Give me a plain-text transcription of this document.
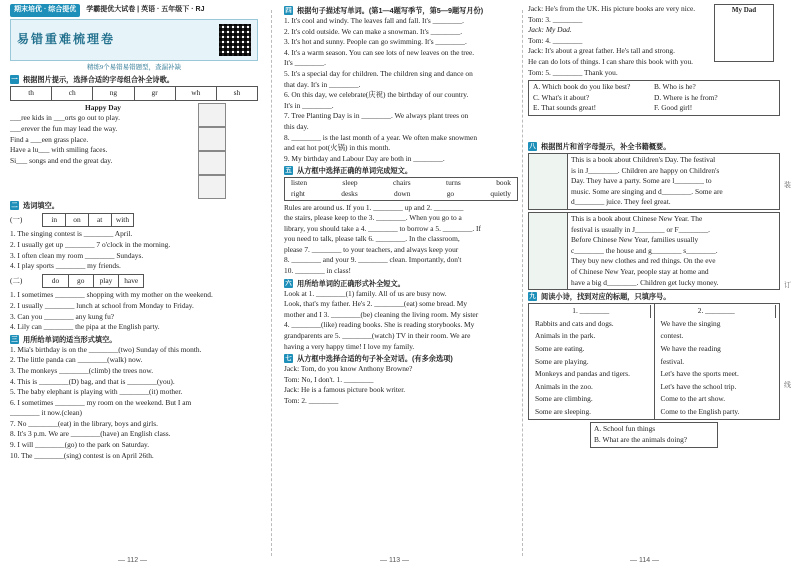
期末培优 · 综合提优	学霸提优大试卷 | 英语 · 五年级下 · RJ
易错重难梳理卷
精练9个易错易错题型，查漏补缺
一 根据图片提示，选择合适的字母组合补全诗歌。
th	ch	ng	gr	wh	sh
Happy Day
___ree kids in ___orts go out to play.
___erever the fun may lead the way.
Find a ___een grass place.
Have a lu___ with smiling faces.
Si___ songs and end the great day.

二 选词填空。
(一)	in	on	at	with
1. The singing contest is ________ April.
2. I usually get up ________ 7 o'clock in the morning.
3. I often clean my room ________ Sundays.
4. I play sports ________ my friends.
(二)	do	go	play	have
1. I sometimes ________ shopping with my mother on the weekend.
2. I usually ________ lunch at school from Monday to Friday.
3. Can you ________ any kung fu?
4. Lily can ________ the pipa at the English party.
三 用所给单词的适当形式填空。
1. Mia's birthday is on the ________(two) Sunday of this month.
2. The little panda can ________(walk) now.
3. The monkeys ________(climb) the trees now.
4. This is ________(D) bag, and that is ________(you).
5. The baby elephant is playing with ________(it) mother.
6. I sometimes ________ my room on the weekend. But I am
________ it now.(clean)
7. No ________(eat) in the library, boys and girls.
8. It's 3 p.m. We are ________(have) an English class.
9. I will ________(go) to the park on Saturday.
10. The ________(sing) contest is on April 26th.
四 根据句子描述写单词。(第1—4题写季节，第5—9题写月份)
1. It's cool and windy. The leaves fall and fall. It's ________.
2. It's cold outside. We can make a snowman. It's ________.
3. It's hot and sunny. People can go swimming. It's ________.
4. It's a warm season. You can see lots of new leaves on the tree.
It's ________.
5. It's a special day for children. The children sing and dance on
that day. It's in ________.
6. On this day, we celebrate(庆祝) the birthday of our country.
It's in ________.
7. Tree Planting Day is in ________. We always plant trees on
this day.
8. ________ is the last month of a year. We often make snowmen
and eat hot pot(火锅) in this month.
9. My birthday and Labour Day are both in ________.
五 从方框中选择正确的单词完成短文。
listen	sleep	chairs	turns	book
right	desks	down	go	quietly
Rules are around us. If you 1. ________ up and 2. ________
the stairs, please keep to the 3. ________. When you go to a
library, you should take a 4. ________ to borrow a 5. ________. If
you need to talk, please talk 6. ________. In the classroom,
please 7. ________ to your teachers, and always keep your
8. ________ and your 9. ________ clean. Importantly, don't
10. ________ in class!
六 用所给单词的正确形式补全短文。
Look at 1. ________(1) family. All of us are busy now.
Look, that's my father. He's 2. ________(eat) some bread. My
mother and I 3. ________(be) cleaning the living room. My sister
4. ________(like) reading books. She is reading storybooks. My
grandparents are 5. ________(watch) TV in their room. We are
having a very happy time! I love my family.
七 从方框中选择合适的句子补全对话。(有多余选项)
Jack: Tom, do you know Anthony Browne?
Tom: No, I don't. 1. ________
Jack: He is a famous picture book writer.
Tom: 2. ________
Jack: He's from the UK. His picture books are very nice.
Tom: 3. ________
Jack: My Dad.
Tom: 4. ________
Jack: It's about a great father. He's tall and strong.
He can do lots of things. I can share this book with you.
Tom: 5. ________ Thank you.
My Dad
A. Which book do you like best?	B. Who is he?
C. What's it about?	D. Where is he from?
E. That sounds great!	F. Good girl!
八 根据图片和首字母提示，补全书籍概要。
This is a book about Children's Day. The festival
is in J________. Children are happy on Children's
Day. They have a party. Some are l________ to
music. Some are singing and d________. Some are
d________ juice. They feel great.
This is a book about Chinese New Year. The
festival is usually in J________ or F________.
Before Chinese New Year, families usually
c________ the house and g________ s________.
They buy new clothes and red things. On the eve
of Chinese New Year, people stay at home and
have a big d________. Children get lucky money.
九 阅读小诗，找到对应的标题，只填序号。
1. ________
Rabbits and cats and dogs.
Animals in the park.
Some are eating.
Some are playing.
Monkeys and pandas and tigers.
Animals in the zoo.
Some are climbing.
Some are sleeping.
2. ________
We have the singing
contest.
We have the reading
festival.
Let's have the sports meet.
Let's have the school trip.
Come to the art show.
Come to the English party.
A. School fun things
B. What are the animals doing?
装
订
线
— 112 —	— 113 —	— 114 —
